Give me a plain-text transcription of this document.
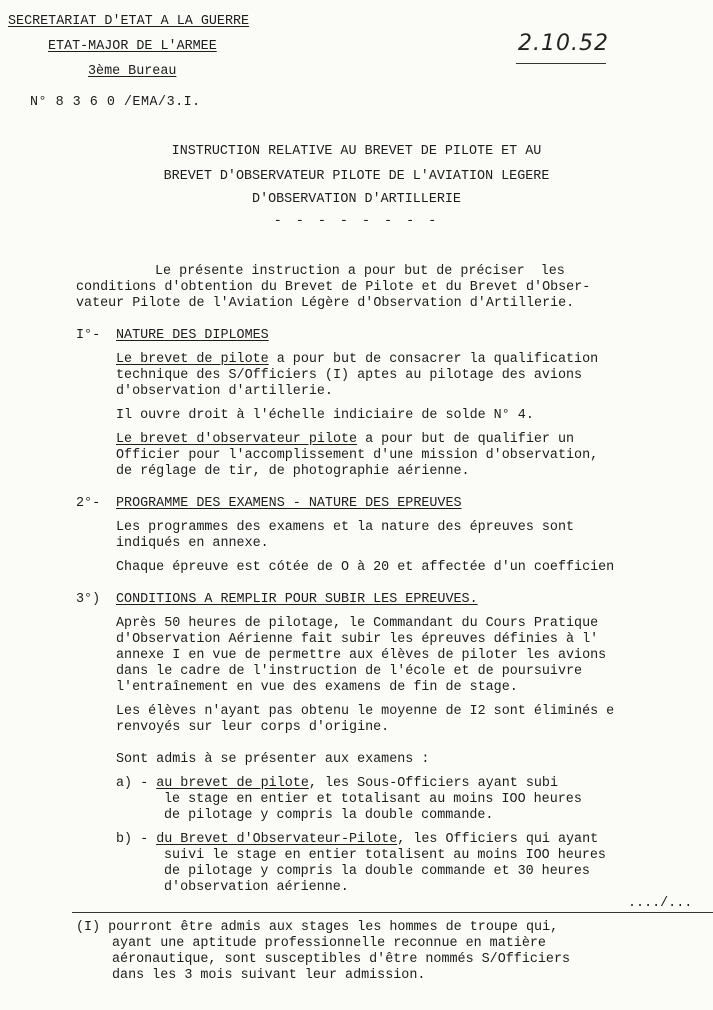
SECRETARIAT D'ETAT A LA GUERRE
ETAT-MAJOR DE L'ARMEE
3ème Bureau
N° 8 3 6 0 /EMA/3.I.
2.10.52
INSTRUCTION RELATIVE AU BREVET DE PILOTE ET AU
BREVET D'OBSERVATEUR PILOTE DE L'AVIATION LEGERE
D'OBSERVATION D'ARTILLERIE
- - - - - - - -
Le présente instruction a pour but de préciser  les
conditions d'obtention du Brevet de Pilote et du Brevet d'Obser-
vateur Pilote de l'Aviation Légère d'Observation d'Artillerie.
I°- NATURE DES DIPLOMES
Le brevet de pilote a pour but de consacrer la qualification
technique des S/Officiers (I) aptes au pilotage des avions
d'observation d'artillerie.
Il ouvre droit à l'échelle indiciaire de solde N° 4.
Le brevet d'observateur pilote a pour but de qualifier un
Officier pour l'accomplissement d'une mission d'observation,
de réglage de tir, de photographie aérienne.
2°- PROGRAMME DES EXAMENS - NATURE DES EPREUVES
Les programmes des examens et la nature des épreuves sont
indiqués en annexe.
Chaque épreuve est cótée de O à 20 et affectée d'un coefficien
3°) CONDITIONS A REMPLIR POUR SUBIR LES EPREUVES.
Après 50 heures de pilotage, le Commandant du Cours Pratique
d'Observation Aérienne fait subir les épreuves définies à l'
annexe I en vue de permettre aux élèves de piloter les avions
dans le cadre de l'instruction de l'école et de poursuivre
l'entraînement en vue des examens de fin de stage.
Les élèves n'ayant pas obtenu le moyenne de I2 sont éliminés e
renvoyés sur leur corps d'origine.
Sont admis à se présenter aux examens :
a) - au brevet de pilote, les Sous-Officiers ayant subi
le stage en entier et totalisant au moins IOO heures
de pilotage y compris la double commande.
b) - du Brevet d'Observateur-Pilote, les Officiers qui ayant
suivi le stage en entier totalisent au moins IOO heures
de pilotage y compris la double commande et 30 heures
d'observation aérienne.
..../...
(I) pourront être admis aux stages les hommes de troupe qui,
ayant une aptitude professionnelle reconnue en matière
aéronautique, sont susceptibles d'être nommés S/Officiers
dans les 3 mois suivant leur admission.
